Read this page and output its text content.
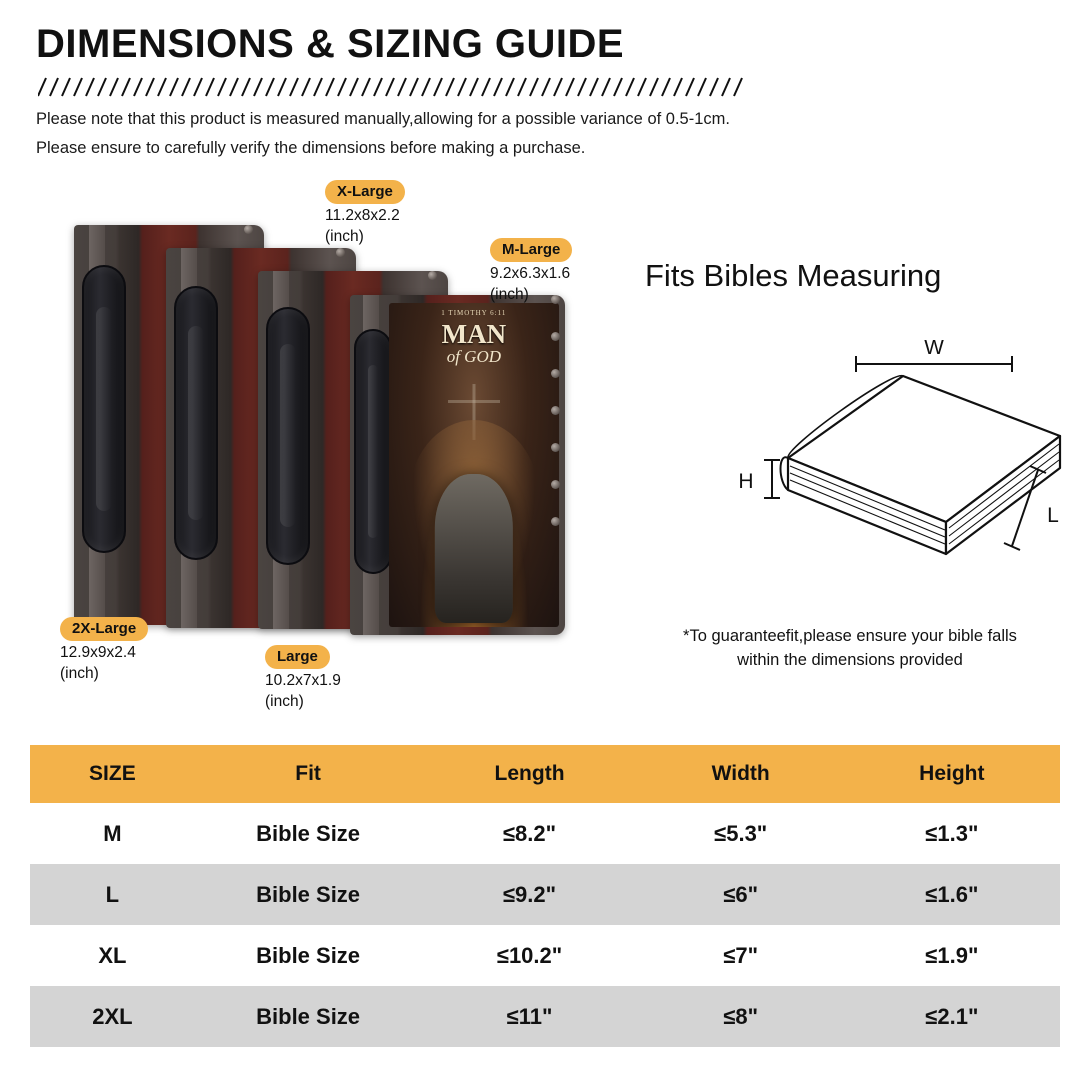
DIMENSIONS & SIZING GUIDE
Please note that this product is measured manually,allowing for a possible variance of 0.5-1cm.
Please ensure to carefully verify the dimensions before making a purchase.
1 TIMOTHY 6:11
MAN
of GOD
X-Large
11.2x8x2.2
(inch)
M-Large
9.2x6.3x1.6
(inch)
2X-Large
12.9x9x2.4
(inch)
Large
10.2x7x1.9
(inch)
Fits Bibles Measuring
W
L
H
*To guaranteefit,please ensure your bible falls
within the dimensions provided
SIZE	Fit	Length	Width	Height
M	Bible Size	≤8.2"	≤5.3"	≤1.3"
L	Bible Size	≤9.2"	≤6"	≤1.6"
XL	Bible Size	≤10.2"	≤7"	≤1.9"
2XL	Bible Size	≤11"	≤8"	≤2.1"
